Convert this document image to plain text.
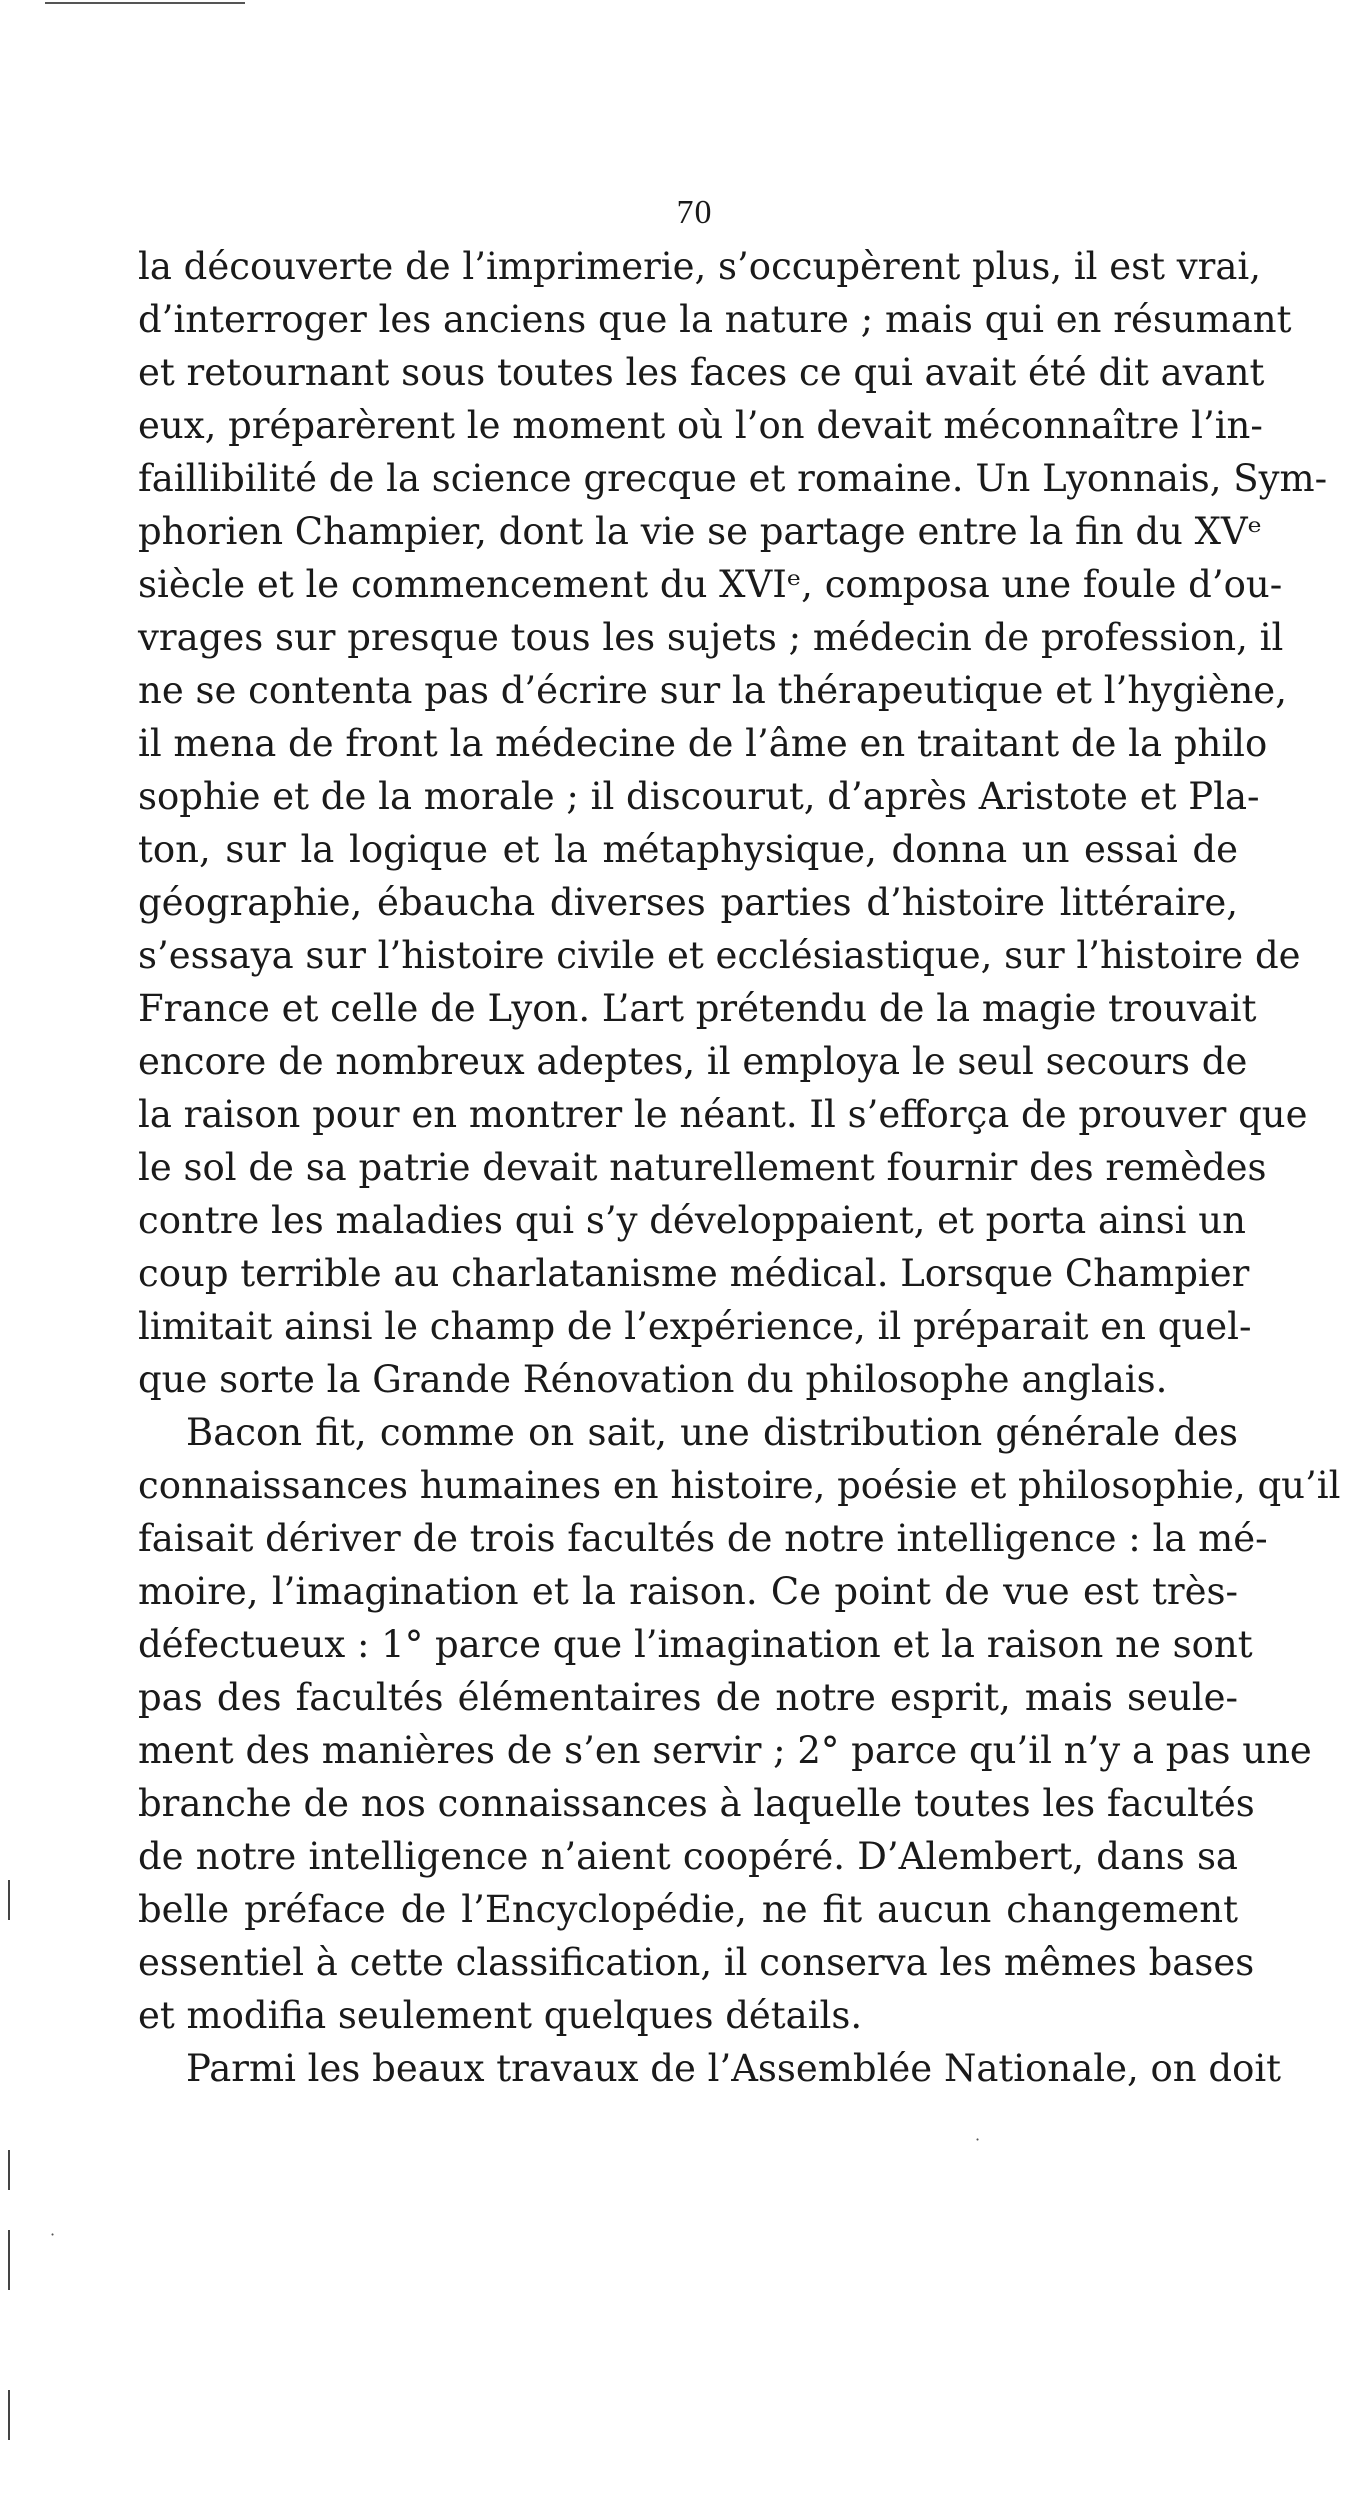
70
la découverte de l’imprimerie, s’occupèrent plus, il est vrai,
d’interroger les anciens que la nature ; mais qui en résumant
et retournant sous toutes les faces ce qui avait été dit avant
eux, préparèrent le moment où l’on devait méconnaître l’in-
faillibilité de la science grecque et romaine. Un Lyonnais, Sym-
phorien Champier, dont la vie se partage entre la fin du XVᵉ
siècle et le commencement du XVIᵉ, composa une foule d’ou-
vrages sur presque tous les sujets ; médecin de profession, il
ne se contenta pas d’écrire sur la thérapeutique et l’hygiène,
il mena de front la médecine de l’âme en traitant de la philo
sophie et de la morale ; il discourut, d’après Aristote et Pla-
ton, sur la logique et la métaphysique, donna un essai de
géographie, ébaucha diverses parties d’histoire littéraire,
s’essaya sur l’histoire civile et ecclésiastique, sur l’histoire de
France et celle de Lyon. L’art prétendu de la magie trouvait
encore de nombreux adeptes, il employa le seul secours de
la raison pour en montrer le néant. Il s’efforça de prouver que
le sol de sa patrie devait naturellement fournir des remèdes
contre les maladies qui s’y développaient, et porta ainsi un
coup terrible au charlatanisme médical. Lorsque Champier
limitait ainsi le champ de l’expérience, il préparait en quel-
que sorte la Grande Rénovation du philosophe anglais.
Bacon fit, comme on sait, une distribution générale des
connaissances humaines en histoire, poésie et philosophie, qu’il
faisait dériver de trois facultés de notre intelligence : la mé-
moire, l’imagination et la raison. Ce point de vue est très-
défectueux : 1° parce que l’imagination et la raison ne sont
pas des facultés élémentaires de notre esprit, mais seule-
ment des manières de s’en servir ; 2° parce qu’il n’y a pas une
branche de nos connaissances à laquelle toutes les facultés
de notre intelligence n’aient coopéré. D’Alembert, dans sa
belle préface de l’Encyclopédie, ne fit aucun changement
essentiel à cette classification, il conserva les mêmes bases
et modifia seulement quelques détails.
Parmi les beaux travaux de l’Assemblée Nationale, on doit
·
·
